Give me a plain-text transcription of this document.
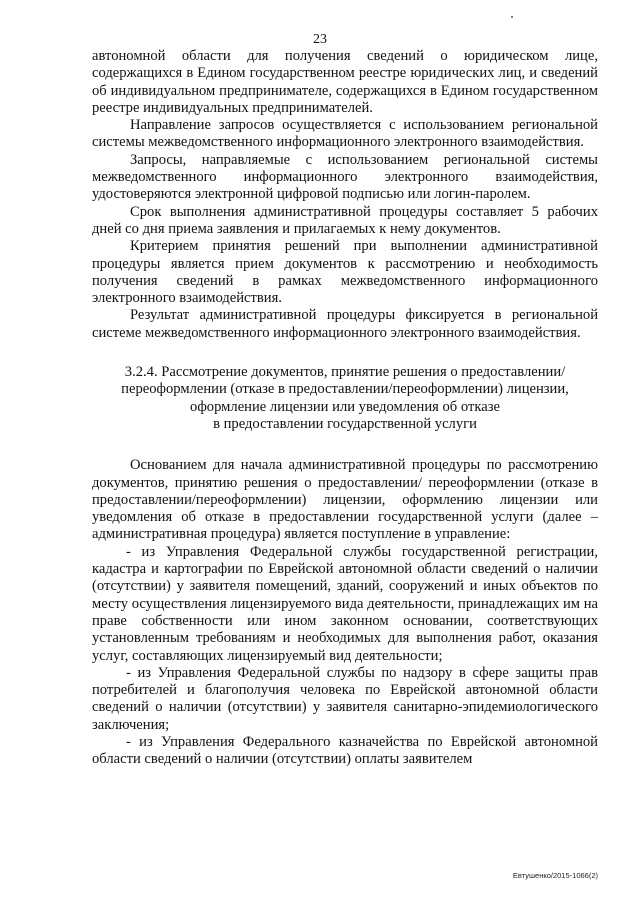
23

автономной области для получения сведений о юридическом лице, содержащихся в Едином государственном реестре юридических лиц, и сведений об индивидуальном предпринимателе, содержащихся в Едином государственном реестре индивидуальных предпринимателей.

Направление запросов осуществляется с использованием региональной системы межведомственного информационного электронного взаимодействия.

Запросы, направляемые с использованием региональной системы межведомственного информационного электронного взаимодействия, удостоверяются электронной цифровой подписью или логин-паролем.

Срок выполнения административной процедуры составляет 5 рабочих дней со дня приема заявления и прилагаемых к нему документов.

Критерием принятия решений при выполнении административной процедуры является прием документов к рассмотрению и необходимость получения сведений в рамках межведомственного информационного электронного взаимодействия.

Результат административной процедуры фиксируется в региональной системе межведомственного информационного электронного взаимодействия.

3.2.4. Рассмотрение документов, принятие решения о предоставлении/

переоформлении (отказе в предоставлении/переоформлении) лицензии,

оформление лицензии или уведомления об отказе

в предоставлении государственной услуги

Основанием для начала административной процедуры по рассмотрению документов, принятию решения о предоставлении/ переоформлении (отказе в предоставлении/переоформлении) лицензии, оформлению лицензии или уведомления об отказе в предоставлении государственной услуги (далее – административная процедура) является поступление в управление:

- из Управления Федеральной службы государственной регистрации, кадастра и картографии по Еврейской автономной области сведений о наличии (отсутствии) у заявителя помещений, зданий, сооружений и иных объектов по месту осуществления лицензируемого вида деятельности, принадлежащих им на праве собственности или ином законном основании, соответствующих установленным требованиям и необходимых для выполнения работ, оказания услуг, составляющих лицензируемый вид деятельности;

- из Управления Федеральной службы по надзору в сфере защиты прав потребителей и благополучия человека по Еврейской автономной области сведений о наличии (отсутствии) у заявителя санитарно-эпидемиологического заключения;

- из Управления Федерального казначейства по Еврейской автономной области сведений о наличии (отсутствии) оплаты заявителем

Евтушенко/2015-1066(2)
